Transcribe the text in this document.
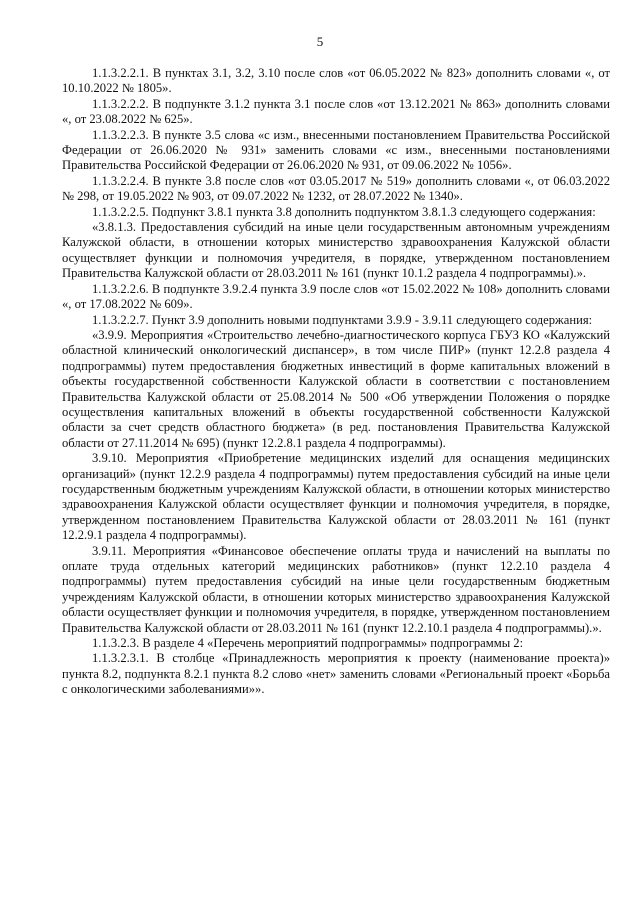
5

1.1.3.2.2.1. В пунктах 3.1, 3.2, 3.10 после слов «от 06.05.2022 № 823» дополнить словами «, от 10.10.2022 № 1805».

1.1.3.2.2.2. В подпункте 3.1.2 пункта 3.1 после слов «от 13.12.2021 № 863» дополнить словами «, от 23.08.2022 № 625».

1.1.3.2.2.3. В пункте 3.5 слова «с изм., внесенными постановлением Правительства Российской Федерации от 26.06.2020 № 931» заменить словами «с изм., внесенными постановлениями Правительства Российской Федерации от 26.06.2020 № 931, от 09.06.2022 № 1056».

1.1.3.2.2.4. В пункте 3.8 после слов «от 03.05.2017 № 519» дополнить словами «, от 06.03.2022 № 298, от 19.05.2022 № 903, от 09.07.2022 № 1232, от 28.07.2022 № 1340».

1.1.3.2.2.5. Подпункт 3.8.1 пункта 3.8 дополнить подпунктом 3.8.1.3 следующего содержания:

«3.8.1.3. Предоставления субсидий на иные цели государственным автономным учреждениям Калужской области, в отношении которых министерство здравоохранения Калужской области осуществляет функции и полномочия учредителя, в порядке, утвержденном постановлением Правительства Калужской области от 28.03.2011 № 161 (пункт 10.1.2 раздела 4 подпрограммы).».

1.1.3.2.2.6. В подпункте 3.9.2.4 пункта 3.9 после слов «от 15.02.2022 № 108» дополнить словами «, от 17.08.2022 № 609».

1.1.3.2.2.7. Пункт 3.9 дополнить новыми подпунктами 3.9.9 - 3.9.11 следующего содержания:

«3.9.9. Мероприятия «Строительство лечебно-диагностического корпуса ГБУЗ КО «Калужский областной клинический онкологический диспансер», в том числе ПИР» (пункт 12.2.8 раздела 4 подпрограммы) путем предоставления бюджетных инвестиций в форме капитальных вложений в объекты государственной собственности Калужской области в соответствии с постановлением Правительства Калужской области от 25.08.2014 № 500 «Об утверждении Положения о порядке осуществления капитальных вложений в объекты государственной собственности Калужской области за счет средств областного бюджета» (в ред. постановления Правительства Калужской области от 27.11.2014 № 695) (пункт 12.2.8.1 раздела 4 подпрограммы).

3.9.10. Мероприятия «Приобретение медицинских изделий для оснащения медицинских организаций» (пункт 12.2.9 раздела 4 подпрограммы) путем предоставления субсидий на иные цели государственным бюджетным учреждениям Калужской области, в отношении которых министерство здравоохранения Калужской области осуществляет функции и полномочия учредителя, в порядке, утвержденном постановлением Правительства Калужской области от 28.03.2011 № 161 (пункт 12.2.9.1 раздела 4 подпрограммы).

3.9.11. Мероприятия «Финансовое обеспечение оплаты труда и начислений на выплаты по оплате труда отдельных категорий медицинских работников» (пункт 12.2.10 раздела 4 подпрограммы) путем предоставления субсидий на иные цели государственным бюджетным учреждениям Калужской области, в отношении которых министерство здравоохранения Калужской области осуществляет функции и полномочия учредителя, в порядке, утвержденном постановлением Правительства Калужской области от 28.03.2011 № 161 (пункт 12.2.10.1 раздела 4 подпрограммы).».

1.1.3.2.3. В разделе 4 «Перечень мероприятий подпрограммы» подпрограммы 2:

1.1.3.2.3.1. В столбце «Принадлежность мероприятия к проекту (наименование проекта)» пункта 8.2, подпункта 8.2.1 пункта 8.2 слово «нет» заменить словами «Региональный проект «Борьба с онкологическими заболеваниями»».
